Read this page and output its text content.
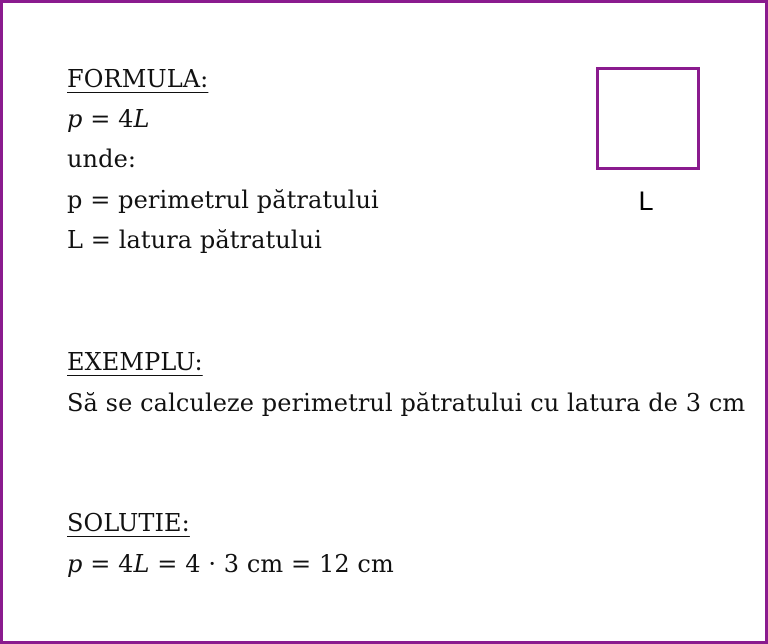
FORMULA:
p = 4L
unde:
p = perimetrul pătratului
L = latura pătratului
L
EXEMPLU:
Să se calculeze perimetrul pătratului cu latura de 3 cm
SOLUTIE:
p = 4L = 4 · 3 cm = 12 cm
